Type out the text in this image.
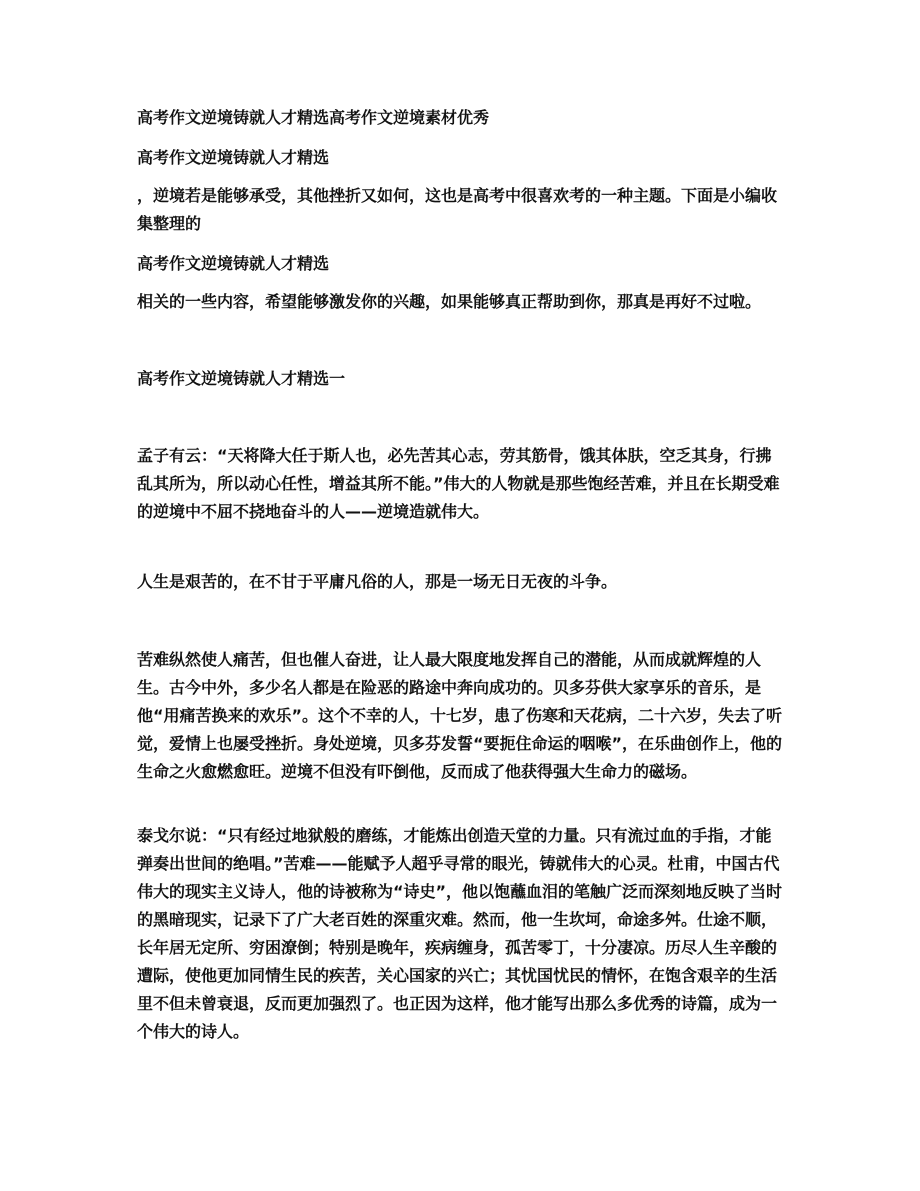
高考作文逆境铸就人才精选高考作文逆境素材优秀
高考作文逆境铸就人才精选
，逆境若是能够承受，其他挫折又如何，这也是高考中很喜欢考的一种主题。下面是小编收集整理的
高考作文逆境铸就人才精选
相关的一些内容，希望能够激发你的兴趣，如果能够真正帮助到你，那真是再好不过啦。
高考作文逆境铸就人才精选一
孟子有云：“天将降大任于斯人也，必先苦其心志，劳其筋骨，饿其体肤，空乏其身，行拂乱其所为，所以动心任性，增益其所不能。”伟大的人物就是那些饱经苦难，并且在长期受难的逆境中不屈不挠地奋斗的人——逆境造就伟大。
人生是艰苦的，在不甘于平庸凡俗的人，那是一场无日无夜的斗争。
苦难纵然使人痛苦，但也催人奋进，让人最大限度地发挥自己的潜能，从而成就辉煌的人生。古今中外，多少名人都是在险恶的路途中奔向成功的。贝多芬供大家享乐的音乐，是他“用痛苦换来的欢乐”。这个不幸的人，十七岁，患了伤寒和天花病，二十六岁，失去了听觉，爱情上也屡受挫折。身处逆境，贝多芬发誓“要扼住命运的咽喉”，在乐曲创作上，他的生命之火愈燃愈旺。逆境不但没有吓倒他，反而成了他获得强大生命力的磁场。
泰戈尔说：“只有经过地狱般的磨练，才能炼出创造天堂的力量。只有流过血的手指，才能弹奏出世间的绝唱。”苦难——能赋予人超乎寻常的眼光，铸就伟大的心灵。杜甫，中国古代伟大的现实主义诗人，他的诗被称为“诗史”，他以饱蘸血泪的笔触广泛而深刻地反映了当时的黑暗现实，记录下了广大老百姓的深重灾难。然而，他一生坎坷，命途多舛。仕途不顺，长年居无定所、穷困潦倒；特别是晚年，疾病缠身，孤苦零丁，十分凄凉。历尽人生辛酸的遭际，使他更加同情生民的疾苦，关心国家的兴亡；其忧国忧民的情怀，在饱含艰辛的生活里不但未曾衰退，反而更加强烈了。也正因为这样，他才能写出那么多优秀的诗篇，成为一个伟大的诗人。
